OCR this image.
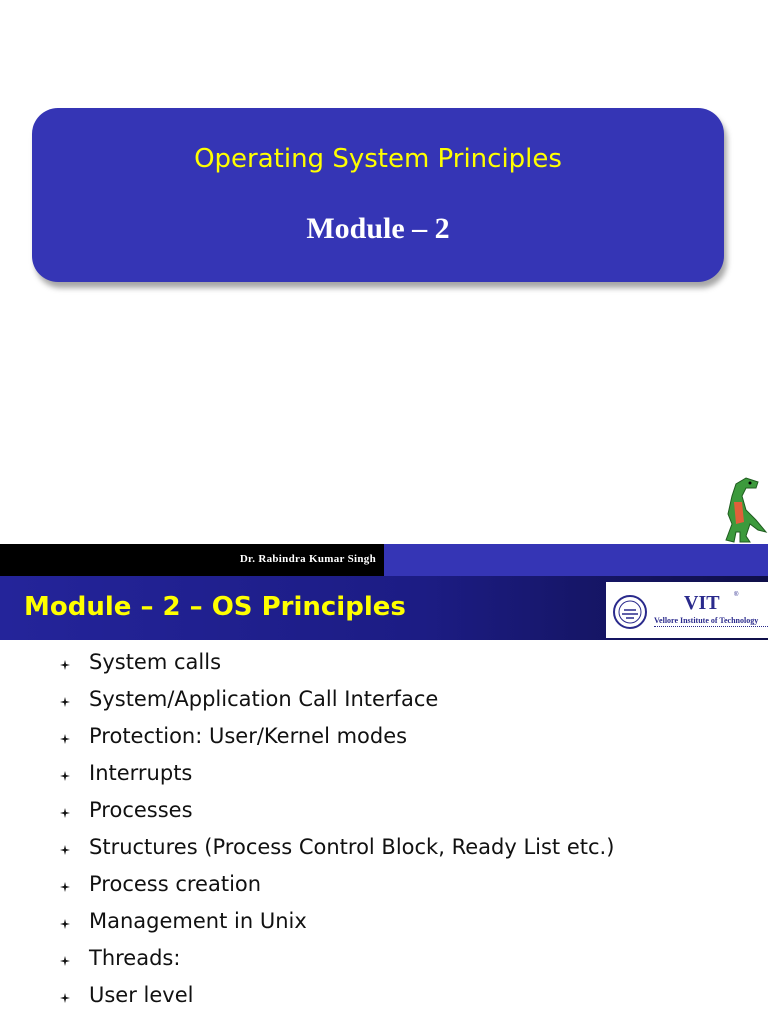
Operating System Principles
Module – 2
Dr. Rabindra Kumar Singh
Module – 2 – OS Principles	VIT ®
Vellore Institute of Technology
System calls
System/Application Call Interface
Protection: User/Kernel modes
Interrupts
Processes
Structures (Process Control Block, Ready List etc.)
Process creation
Management in Unix
Threads:
User level
